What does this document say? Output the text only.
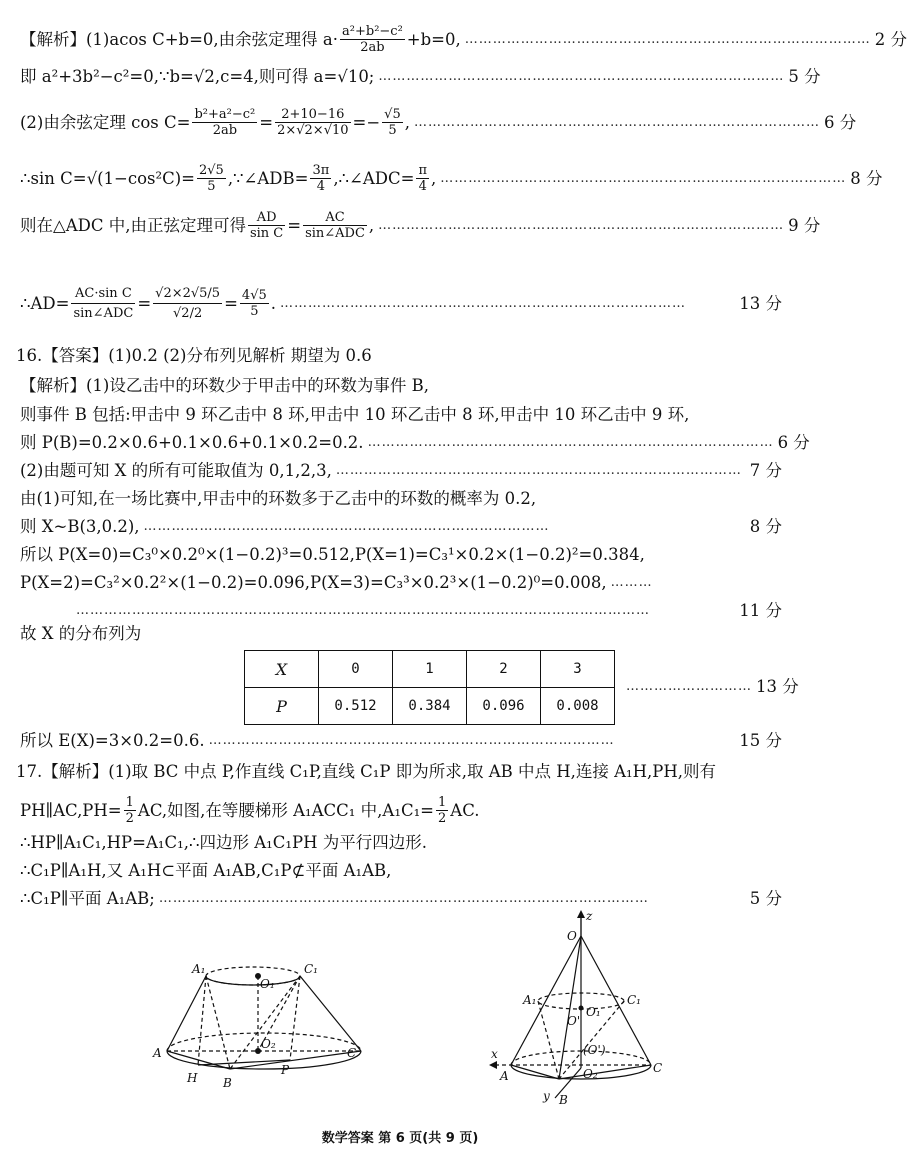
【解析】(1)acos C+b=0,由余弦定理得 $a\cdot \frac{\text{a²+b²−c²}}{2ab} +b=0$, …………………………………………………………………………… 2 分
即 a²+3b²−c²=0,∵b=√2,c=4,则可得 a=√10; …………………………………………………………………………… 5 分
(2)由余弦定理 $\cos C= \frac{\text{b²+a²−c²}}{2ab} = \frac{2+10-16}{2\times√2\times√10} =- \frac{√5}{5}$ , …………………………………………………………………………… 6 分
∴sin $C=√(1-\cos^2C)= \frac{2√5}{5}$ ,∵∠ADB= $\frac{3\pi}{4}$ ,∴∠ADC= $\frac{\pi}{4}$ , …………………………………………………………………………… 8 分
则在△ADC 中,由正弦定理可得 $\frac{AD}{\text{sin C}} = \frac{AC}{\text{sin∠ADC}}$ , …………………………………………………………………………… 9 分
∴AD= $\frac{\text{AC·sin C}}{\text{sin∠ADC}} = \frac{√2\times 2√5/5}{√2/2} = \frac{4√5}{5}$ . ……………………………………………………………………………	13 分
16.【答案】(1)0.2 (2)分布列见解析 期望为 0.6
【解析】(1)设乙击中的环数少于甲击中的环数为事件 B,
则事件 B 包括:甲击中 9 环乙击中 8 环,甲击中 10 环乙击中 8 环,甲击中 10 环乙击中 9 环,
则 P(B)=0.2×0.6+0.1×0.6+0.1×0.2=0.2. …………………………………………………………………………… 6 分
(2)由题可知 X 的所有可能取值为 0,1,2,3, …………………………………………………………………………… 7 分
由(1)可知,在一场比赛中,甲击中的环数多于乙击中的环数的概率为 0.2,
则 X~B(3,0.2), ……………………………………………………………………………	8 分
所以 P(X=0)=C₃⁰×0.2⁰×(1−0.2)³=0.512,P(X=1)=C₃¹×0.2×(1−0.2)²=0.384,
P(X=2)=C₃²×0.2²×(1−0.2)=0.096,P(X=3)=C₃³×0.2³×(1−0.2)⁰=0.008, ………
……………………………………………………………………………………………………………	11 分
故 X 的分布列为
X	0	1	2	3
P	0.512	0.384	0.096	0.008
……………………… 13 分
所以 E(X)=3×0.2=0.6. ……………………………………………………………………………	15 分
17.【解析】(1)取 BC 中点 P,作直线 C₁P,直线 C₁P 即为所求,取 AB 中点 H,连接 A₁H,PH,则有
PH∥AC,PH= $\frac{1}{2}$ AC,如图,在等腰梯形 A₁ACC₁ 中$,A_1C_1= \frac{1}{2}$ AC.
∴HP∥A₁C₁,HP=A₁C₁,∴四边形 A₁C₁PH 为平行四边形.
∴C₁P∥A₁H,又 A₁H⊂平面 A₁AB,C₁P⊄平面 A₁AB,
∴C₁P∥平面 A₁AB; ……………………………………………………………………………………………	5 分
A₁
O₁
C₁
A
O₂
C
H B
P
z
O
A₁	C₁
O₁
O'
(O')
x
A	O₂	C
y B
数学答案 第 6 页(共 9 页)
